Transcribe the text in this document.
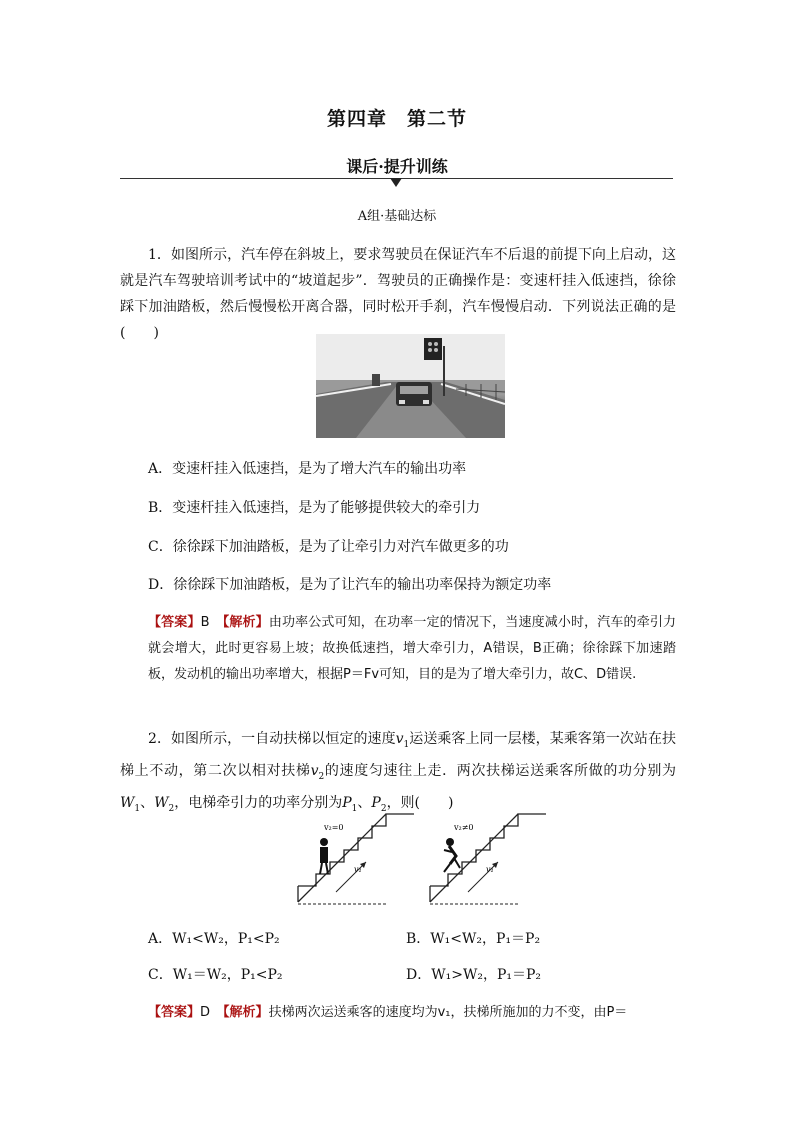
第四章　第二节
课后·提升训练
A组·基础达标
1．如图所示，汽车停在斜坡上，要求驾驶员在保证汽车不后退的前提下向上启动，这就是汽车驾驶培训考试中的“坡道起步”．驾驶员的正确操作是：变速杆挂入低速挡，徐徐踩下加油踏板，然后慢慢松开离合器，同时松开手刹，汽车慢慢启动．下列说法正确的是(　　)
A．变速杆挂入低速挡，是为了增大汽车的输出功率
B．变速杆挂入低速挡，是为了能够提供较大的牵引力
C．徐徐踩下加油踏板，是为了让牵引力对汽车做更多的功
D．徐徐踩下加油踏板，是为了让汽车的输出功率保持为额定功率
【答案】B　 【解析】由功率公式可知，在功率一定的情况下，当速度减小时，汽车的牵引力就会增大，此时更容易上坡；故换低速挡，增大牵引力，A错误，B正确；徐徐踩下加速踏板，发动机的输出功率增大，根据P＝Fv可知，目的是为了增大牵引力，故C、D错误.
2．如图所示，一自动扶梯以恒定的速度$v_1$运送乘客上同一层楼，某乘客第一次站在扶梯上不动，第二次以相对扶梯$v_2$的速度匀速往上走．两次扶梯运送乘客所做的功分别为$W_1$、$W_2$，电梯牵引力的功率分别为$P_1$、$P_2$，则(　　)
v₂=0
v₁
v₂≠0
v₁
A．W₁<W₂，P₁<P₂	B．W₁<W₂，P₁＝P₂
C．W₁＝W₂，P₁<P₂	D．W₁>W₂，P₁＝P₂
【答案】D　 【解析】扶梯两次运送乘客的速度均为v₁，扶梯所施加的力不变，由P＝
